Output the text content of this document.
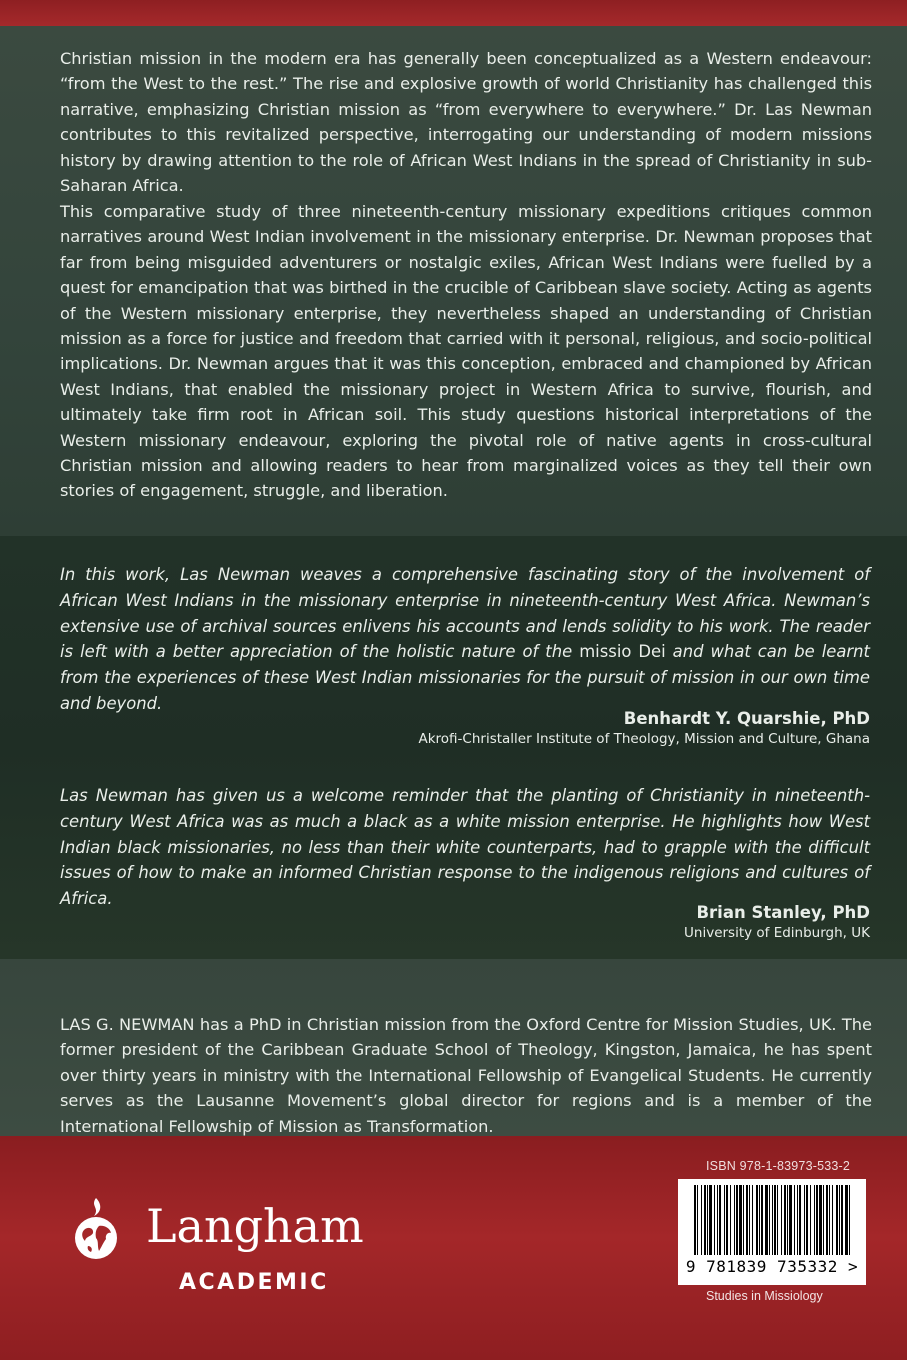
Christian mission in the modern era has generally been conceptualized as a Western endeavour: “from the West to the rest.” The rise and explosive growth of world Christianity has challenged this narrative, emphasizing Christian mission as “from everywhere to everywhere.” Dr. Las Newman contributes to this revitalized perspective, interrogating our understanding of modern missions history by drawing attention to the role of African West Indians in the spread of Christianity in sub-Saharan Africa.

This comparative study of three nineteenth-century missionary expeditions critiques common narratives around West Indian involvement in the missionary enterprise. Dr. Newman proposes that far from being misguided adventurers or nostalgic exiles, African West Indians were fuelled by a quest for emancipation that was birthed in the crucible of Caribbean slave society. Acting as agents of the Western missionary enterprise, they nevertheless shaped an understanding of Christian mission as a force for justice and freedom that carried with it personal, religious, and socio-political implications. Dr. Newman argues that it was this conception, embraced and championed by African West Indians, that enabled the missionary project in Western Africa to survive, flourish, and ultimately take firm root in African soil. This study questions historical interpretations of the Western missionary endeavour, exploring the pivotal role of native agents in cross-cultural Christian mission and allowing readers to hear from marginalized voices as they tell their own stories of engagement, struggle, and liberation.

In this work, Las Newman weaves a comprehensive fascinating story of the involvement of African West Indians in the missionary enterprise in nineteenth-century West Africa. Newman’s extensive use of archival sources enlivens his accounts and lends solidity to his work. The reader is left with a better appreciation of the holistic nature of the missio Dei and what can be learnt from the experiences of these West Indian missionaries for the pursuit of mission in our own time and beyond.

Benhardt Y. Quarshie, PhD
Akrofi-Christaller Institute of Theology, Mission and Culture, Ghana

Las Newman has given us a welcome reminder that the planting of Christianity in nineteenth-century West Africa was as much a black as a white mission enterprise. He highlights how West Indian black missionaries, no less than their white counterparts, had to grapple with the difficult issues of how to make an informed Christian response to the indigenous religions and cultures of Africa.

Brian Stanley, PhD
University of Edinburgh, UK

LAS G. NEWMAN has a PhD in Christian mission from the Oxford Centre for Mission Studies, UK. The former president of the Caribbean Graduate School of Theology, Kingston, Jamaica, he has spent over thirty years in ministry with the International Fellowship of Evangelical Students. He currently serves as the Lausanne Movement’s global director for regions and is a member of the International Fellowship of Mission as Transformation.

Langham
ACADEMIC
ISBN 978-1-83973-533-2
9 781839 735332 >
Studies in Missiology
